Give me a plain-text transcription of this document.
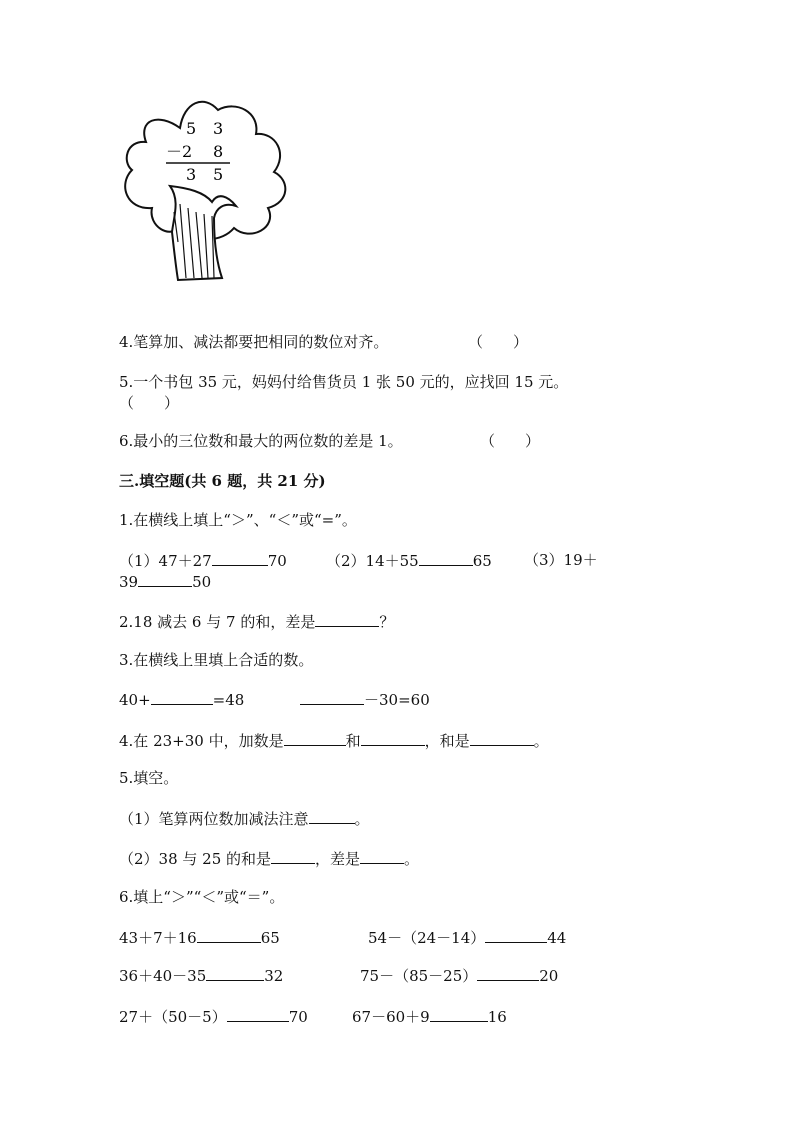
5 3
－2 8
3 5
4.笔算加、减法都要把相同的数位对齐。	（　　）
5.一个书包 35 元，妈妈付给售货员 1 张 50 元的，应找回 15 元。
（　　）
6.最小的三位数和最大的两位数的差是 1。	（　　）
三.填空题(共 6 题，共 21 分)
1.在横线上填上“＞”、“＜”或“=”。
（1）47＋27	70	（2）14＋55	65 （3）19＋
39	50
2.18 减去 6 与 7 的和，差是	？
3.在横线上里填上合适的数。
40+	=48	－30=60
4.在 23+30 中，加数是	和	，和是	。
5.填空。
（1）笔算两位数加减法注意	。
（2）38 与 25 的和是	，差是	。
6.填上“＞”“＜”或“＝”。
43＋7＋16	65	54－（24－14）	44
36＋40－35	32	75－（85－25）	20
27＋（50－5）	70	67－60＋9	16
